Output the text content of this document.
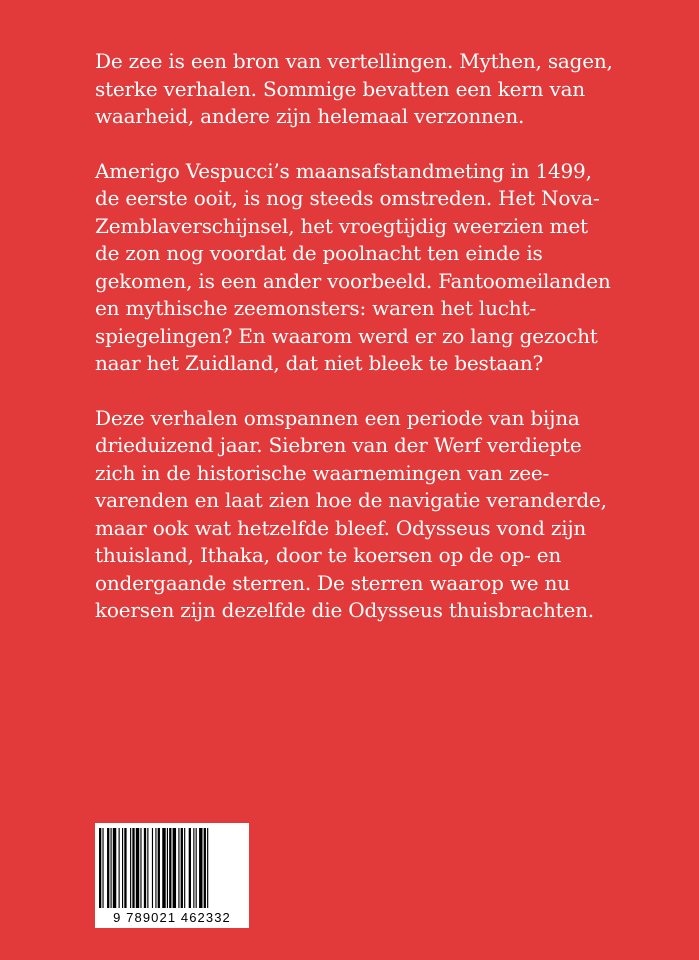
De zee is een bron van vertellingen. Mythen, sagen,
sterke verhalen. Sommige bevatten een kern van
waarheid, andere zijn helemaal verzonnen.

Amerigo Vespucci’s maansafstandmeting in 1499,
de eerste ooit, is nog steeds omstreden. Het Nova-
Zemblaverschijnsel, het vroegtijdig weerzien met
de zon nog voordat de poolnacht ten einde is
gekomen, is een ander voorbeeld. Fantoomeilanden
en mythische zeemonsters: waren het lucht-
spiegelingen? En waarom werd er zo lang gezocht
naar het Zuidland, dat niet bleek te bestaan?

Deze verhalen omspannen een periode van bijna
drieduizend jaar. Siebren van der Werf verdiepte
zich in de historische waarnemingen van zee-
varenden en laat zien hoe de navigatie veranderde,
maar ook wat hetzelfde bleef. Odysseus vond zijn
thuisland, Ithaka, door te koersen op de op- en
ondergaande sterren. De sterren waarop we nu
koersen zijn dezelfde die Odysseus thuisbrachten.

9 789021 462332
